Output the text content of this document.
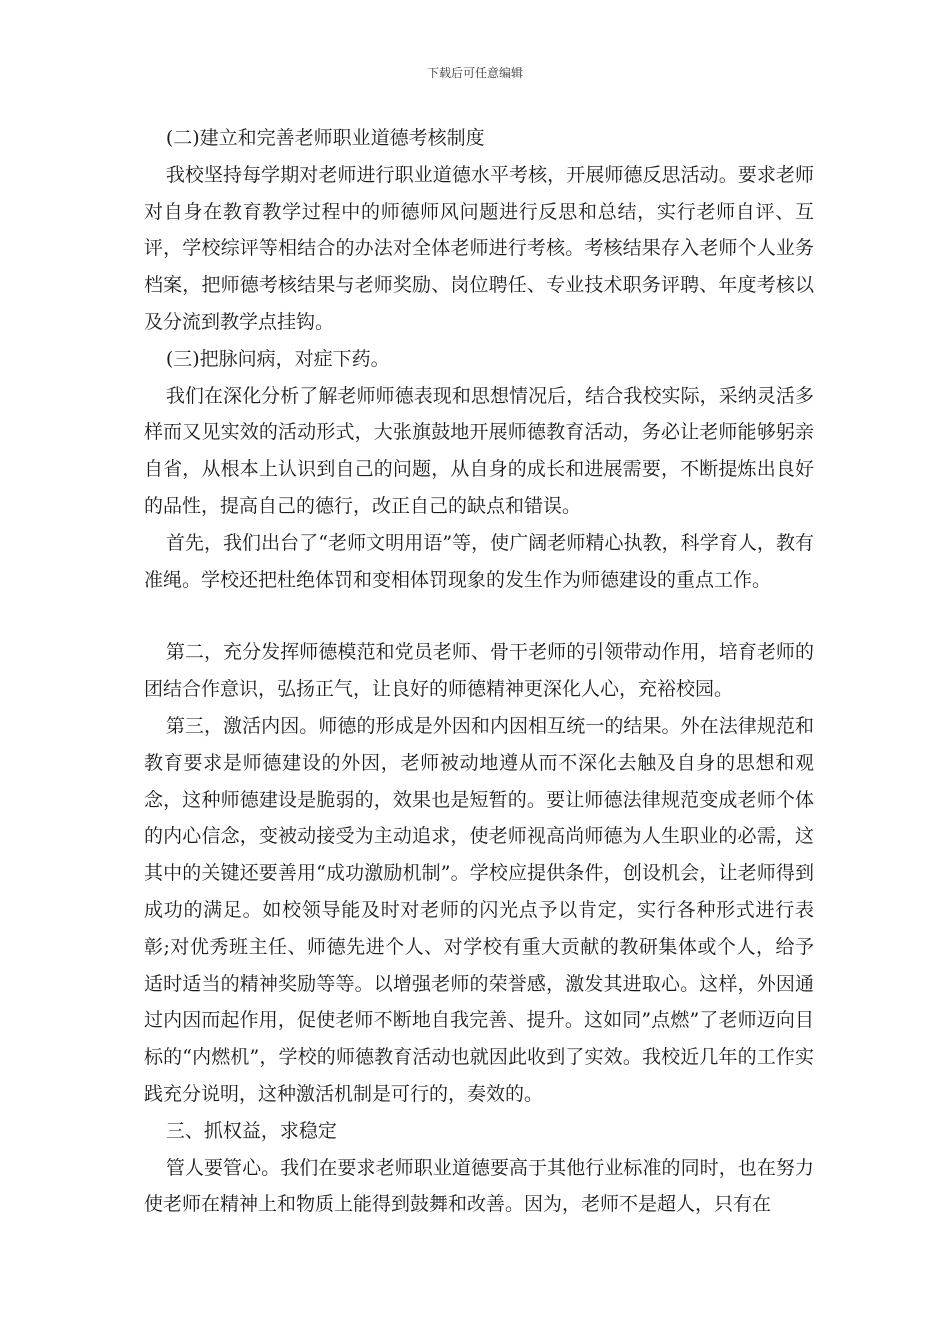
下载后可任意编辑

(二)建立和完善老师职业道德考核制度

我校坚持每学期对老师进行职业道德水平考核，开展师德反思活动。要求老师对自身在教育教学过程中的师德师风问题进行反思和总结，实行老师自评、互评，学校综评等相结合的办法对全体老师进行考核。考核结果存入老师个人业务档案，把师德考核结果与老师奖励、岗位聘任、专业技术职务评聘、年度考核以及分流到教学点挂钩。

(三)把脉问病，对症下药。

我们在深化分析了解老师师德表现和思想情况后，结合我校实际，采纳灵活多样而又见实效的活动形式，大张旗鼓地开展师德教育活动，务必让老师能够躬亲自省，从根本上认识到自己的问题，从自身的成长和进展需要，不断提炼出良好的品性，提高自己的德行，改正自己的缺点和错误。

首先，我们出台了“老师文明用语”等，使广阔老师精心执教，科学育人，教有准绳。学校还把杜绝体罚和变相体罚现象的发生作为师德建设的重点工作。

第二，充分发挥师德模范和党员老师、骨干老师的引领带动作用，培育老师的团结合作意识，弘扬正气，让良好的师德精神更深化人心，充裕校园。

第三，激活内因。师德的形成是外因和内因相互统一的结果。外在法律规范和教育要求是师德建设的外因，老师被动地遵从而不深化去触及自身的思想和观念，这种师德建设是脆弱的，效果也是短暂的。要让师德法律规范变成老师个体的内心信念，变被动接受为主动追求，使老师视高尚师德为人生职业的必需，这其中的关键还要善用“成功激励机制”。学校应提供条件，创设机会，让老师得到成功的满足。如校领导能及时对老师的闪光点予以肯定，实行各种形式进行表彰;对优秀班主任、师德先进个人、对学校有重大贡献的教研集体或个人，给予适时适当的精神奖励等等。以增强老师的荣誉感，激发其进取心。这样，外因通过内因而起作用，促使老师不断地自我完善、提升。这如同”点燃”了老师迈向目标的“内燃机”，学校的师德教育活动也就因此收到了实效。我校近几年的工作实践充分说明，这种激活机制是可行的，奏效的。

三、抓权益，求稳定

管人要管心。我们在要求老师职业道德要高于其他行业标准的同时，也在努力使老师在精神上和物质上能得到鼓舞和改善。因为，老师不是超人，只有在
